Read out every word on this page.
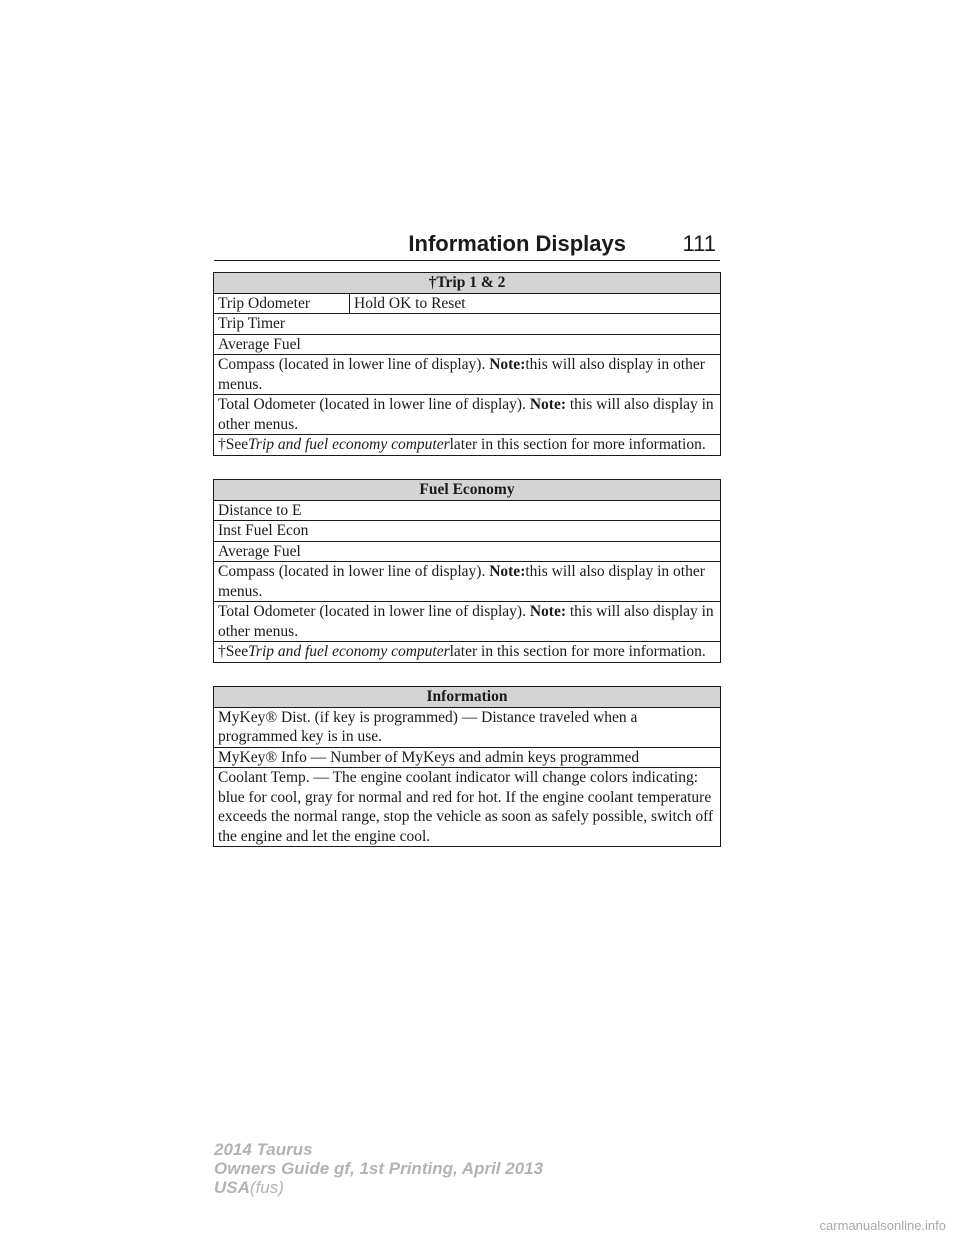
Information Displays	111
†Trip 1 & 2
Trip Odometer	Hold OK to Reset
Trip Timer
Average Fuel
Compass (located in lower line of display). Note:this will also display in other menus.
Total Odometer (located in lower line of display). Note: this will also display in other menus.
†SeeTrip and fuel economy computerlater in this section for more information.
Fuel Economy
Distance to E
Inst Fuel Econ
Average Fuel
Compass (located in lower line of display). Note:this will also display in other menus.
Total Odometer (located in lower line of display). Note: this will also display in other menus.
†SeeTrip and fuel economy computerlater in this section for more information.
Information
MyKey® Dist. (if key is programmed) — Distance traveled when a programmed key is in use.
MyKey® Info — Number of MyKeys and admin keys programmed
Coolant Temp. — The engine coolant indicator will change colors indicating: blue for cool, gray for normal and red for hot. If the engine coolant temperature exceeds the normal range, stop the vehicle as soon as safely possible, switch off the engine and let the engine cool.
2014 Taurus
Owners Guide gf, 1st Printing, April 2013
USA(fus)
carmanualsonline.info
